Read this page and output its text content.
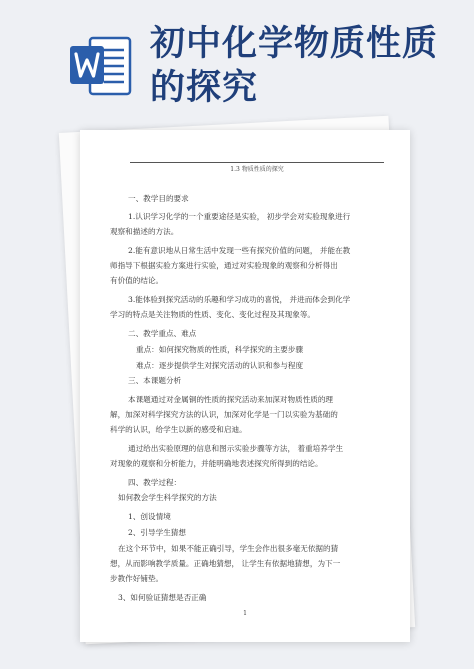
初中化学物质性质的探究
1.3 物质性质的探究
一、教学目的要求
1.认识学习化学的一个重要途径是实验， 初步学会对实验现象进行
观察和描述的方法。
2.能有意识地从日常生活中发现一些有探究价值的问题， 并能在教
师指导下根据实验方案进行实验，通过对实验现象的观察和分析得出
有价值的结论。
3.能体验到探究活动的乐趣和学习成功的喜悦， 并进而体会到化学
学习的特点是关注物质的性质、变化、变化过程及其现象等。
二、教学重点、难点
重点：如何探究物质的性质，科学探究的主要步骤
难点：逐步提供学生对探究活动的认识和参与程度
三、本课题分析
本课题通过对金属铜的性质的探究活动来加深对物质性质的理
解，加深对科学探究方法的认识，加深对化学是一门以实验为基础的
科学的认识，给学生以新的感受和启迪。
通过给出实验原理的信息和图示实验步骤等方法， 着重培养学生
对现象的观察和分析能力，并能明确地表述探究所得到的结论。
四、教学过程：
如何教会学生科学探究的方法
1、创设情境
2、引导学生猜想
在这个环节中，如果不能正确引导，学生会作出很多毫无依据的猜
想，从而影响教学质量。正确地猜想， 让学生有依据地猜想，为下一
步教作好铺垫。
3、如何验证猜想是否正确
1
